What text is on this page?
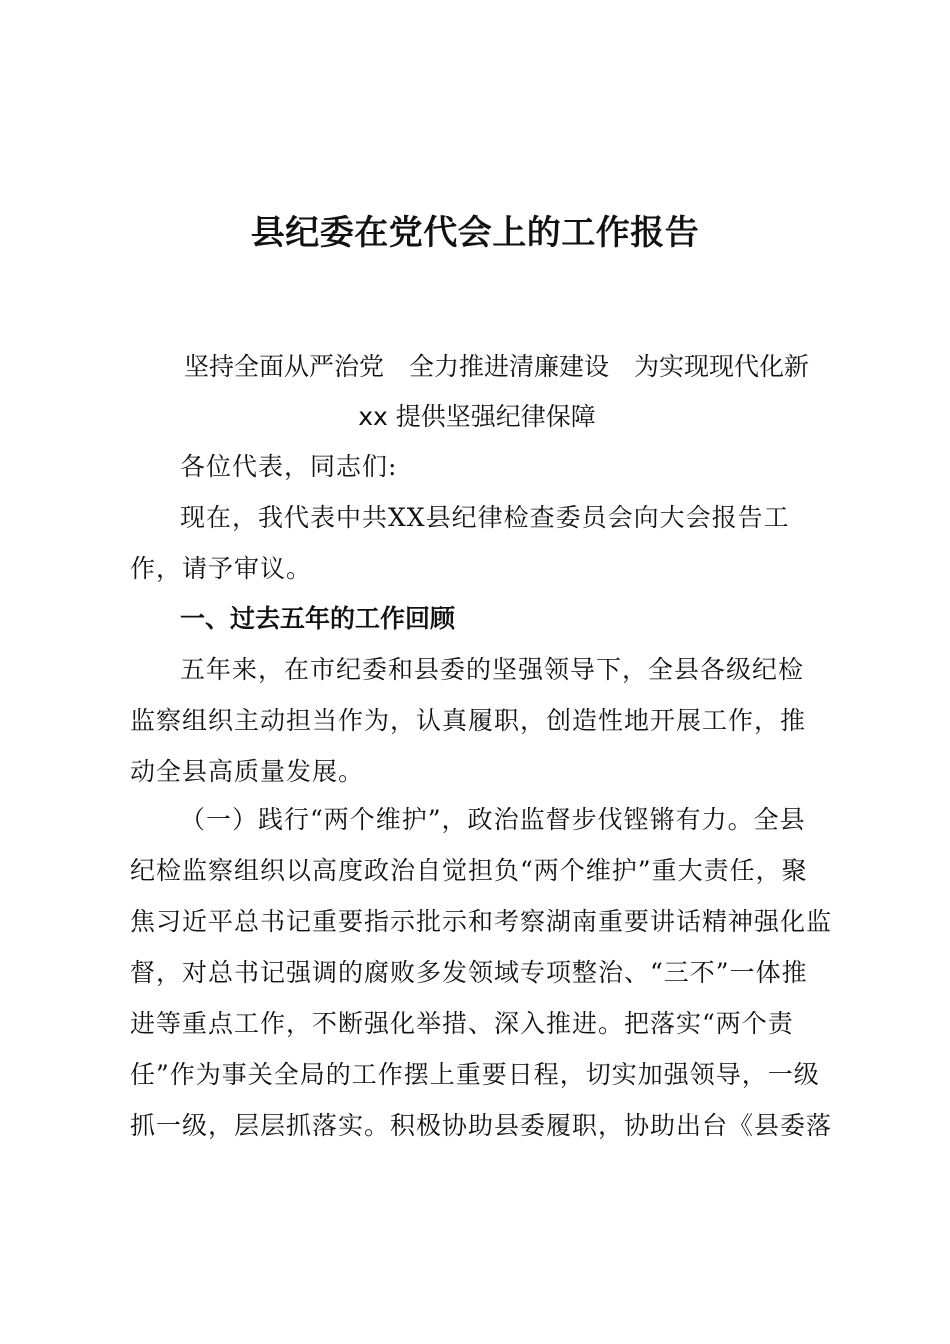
县纪委在党代会上的工作报告
坚持全面从严治党　全力推进清廉建设　为实现现代化新
xx 提供坚强纪律保障

各位代表，同志们:

现在，我代表中共XX县纪律检查委员会向大会报告工作，请予审议。

一、过去五年的工作回顾

五年来，在市纪委和县委的坚强领导下，全县各级纪检监察组织主动担当作为，认真履职，创造性地开展工作，推动全县高质量发展。

（一）践行“两个维护”，政治监督步伐铿锵有力。全县
纪检监察组织以高度政治自觉担负“两个维护”重大责任，聚
焦习近平总书记重要指示批示和考察湖南重要讲话精神强化监
督，对总书记强调的腐败多发领域专项整治、“三不”一体推
进等重点工作，不断强化举措、深入推进。把落实“两个责
任”作为事关全局的工作摆上重要日程，切实加强领导，一级
抓一级，层层抓落实。积极协助县委履职，协助出台《县委落
